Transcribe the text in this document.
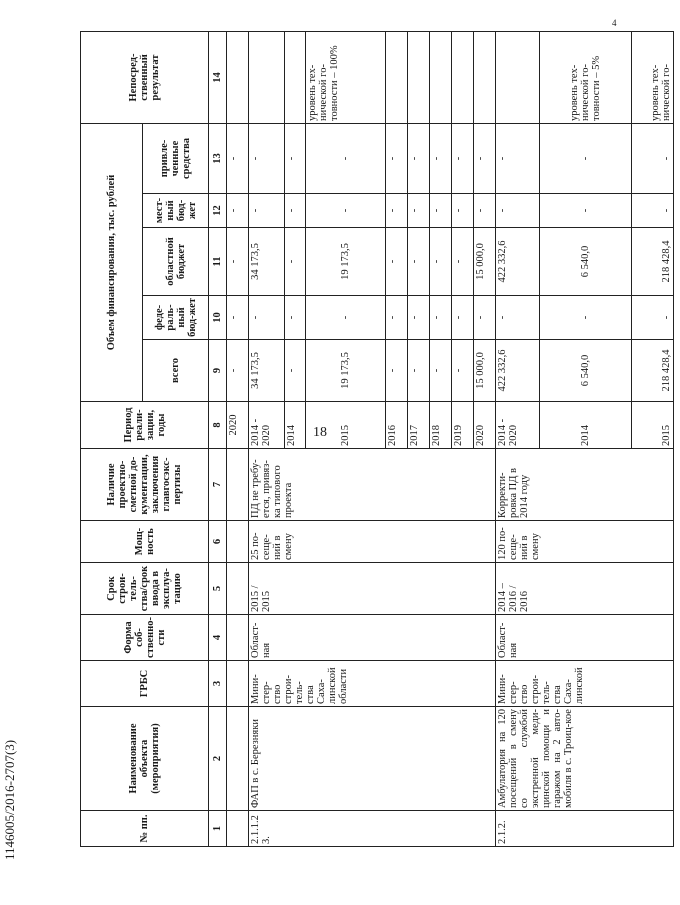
18
4
1146005/2016-2707(3)	№ пп.	Наименование объекта (мероприятия)	ГРБС	Форма соб-ственно-сти	Срок строи-тель-ства/срок ввода в эксплуа-тацию	Мощ-ность	Наличие проектно-сметной до-кументации, заключения главгосэкс-пертизы	Период реали-зации, годы	Объем финансирования, тыс. рублей					Непосред-ственный результат
								всего	феде-раль-ный бюд-жет	областной бюджет	мест-ный бюд-жет	привле-ченные средства	
1	2	3	4	5	6	7	8	9	10	11	12	13	14
							2020	-	-	-	-	-	
2.1.1.23.	ФАП в с. Березняки	Мини-стер-ство строи-тель-ства Саха-линской области	Област-ная	2015 / 2015	25 по-сеще-ний в смену	ПД не требу-ется, привяз-ка типового проекта	2014 - 2020	34 173,5	-	34 173,5	-	-	
							2014	-	-	-	-	-	
							2015	19 173,5	-	19 173,5	-	-	уровень тех-нической го-товности – 100%
							2016	-	-	-	-	-	
							2017	-	-	-	-	-	
							2018	-	-	-	-	-	
							2019	-	-	-	-	-	
							2020	15 000,0	-	15 000,0	-	-	
2.1.2.	Амбулатория на 120 посещений в смену со службой экстренной меди-цинской помощи и гаражом на 2 авто-мобиля в с. Троиц-кое	Мини-стер-ство строи-тель-ства Саха-линской	Област-ная	2014 – 2016 / 2016	120 по-сеще-ний в смену	Корректи-ровка ПД в 2014 году	2014 - 2020	422 332,6	-	422 332,6	-	-	
							2014	6 540,0	-	6 540,0	-	-	уровень тех-нической го-товности – 5%
							2015	218 428,4	-	218 428,4	-	-	уровень тех-нической го-
